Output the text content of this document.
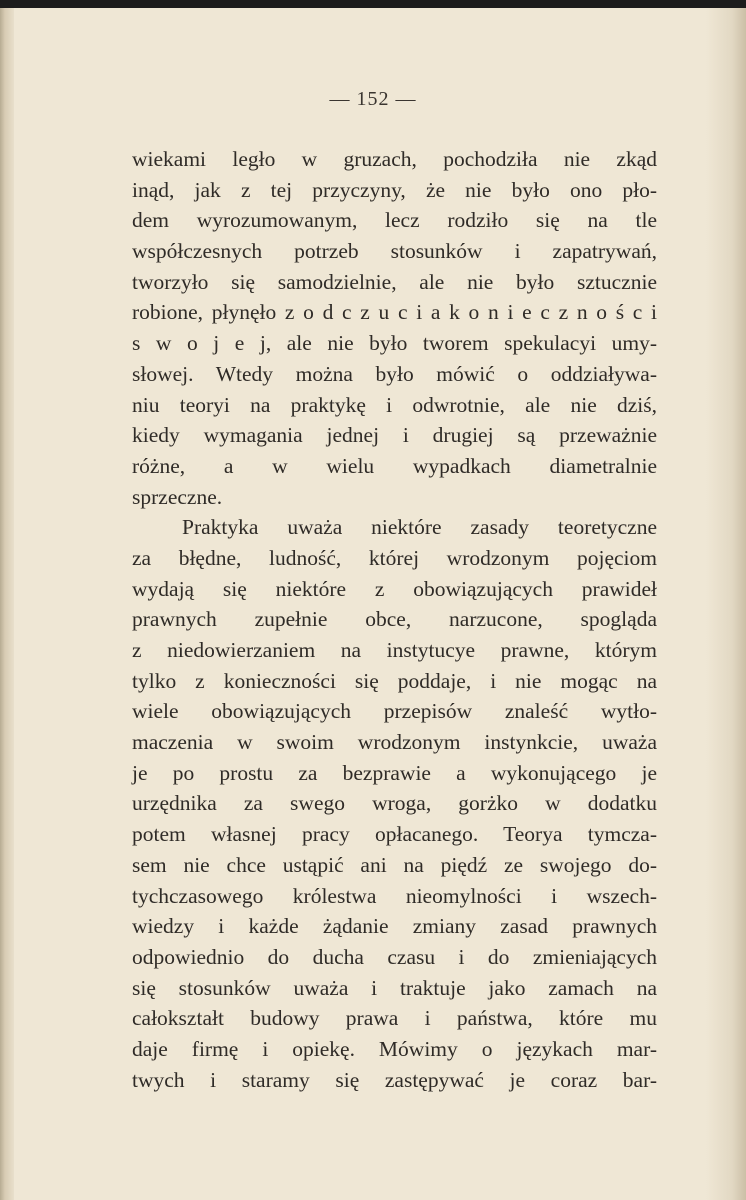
— 152 —
wiekami legło w gruzach, pochodziła nie zkąd
inąd, jak z tej przyczyny, że nie było ono pło-
dem wyrozumowanym, lecz rodziło się na tle
współczesnych potrzeb stosunków i zapatrywań,
tworzyło się samodzielnie, ale nie było sztucznie
robione, płynęło z o d c z u c i a k o n i e c z n o ś c i
s w o j e j, ale nie było tworem spekulacyi umy-
słowej. Wtedy można było mówić o oddziaływa-
niu teoryi na praktykę i odwrotnie, ale nie dziś,
kiedy wymagania jednej i drugiej są przeważnie
różne, a w wielu wypadkach diametralnie
sprzeczne.
Praktyka uważa niektóre zasady teoretyczne
za błędne, ludność, której wrodzonym pojęciom
wydają się niektóre z obowiązujących prawideł
prawnych zupełnie obce, narzucone, spogląda
z niedowierzaniem na instytucye prawne, którym
tylko z konieczności się poddaje, i nie mogąc na
wiele obowiązujących przepisów znaleść wytło-
maczenia w swoim wrodzonym instynkcie, uważa
je po prostu za bezprawie a wykonującego je
urzędnika za swego wroga, gorżko w dodatku
potem własnej pracy opłacanego. Teorya tymcza-
sem nie chce ustąpić ani na piędź ze swojego do-
tychczasowego królestwa nieomylności i wszech-
wiedzy i każde żądanie zmiany zasad prawnych
odpowiednio do ducha czasu i do zmieniających
się stosunków uważa i traktuje jako zamach na
całokształt budowy prawa i państwa, które mu
daje firmę i opiekę. Mówimy o językach mar-
twych i staramy się zastępywać je coraz bar-
